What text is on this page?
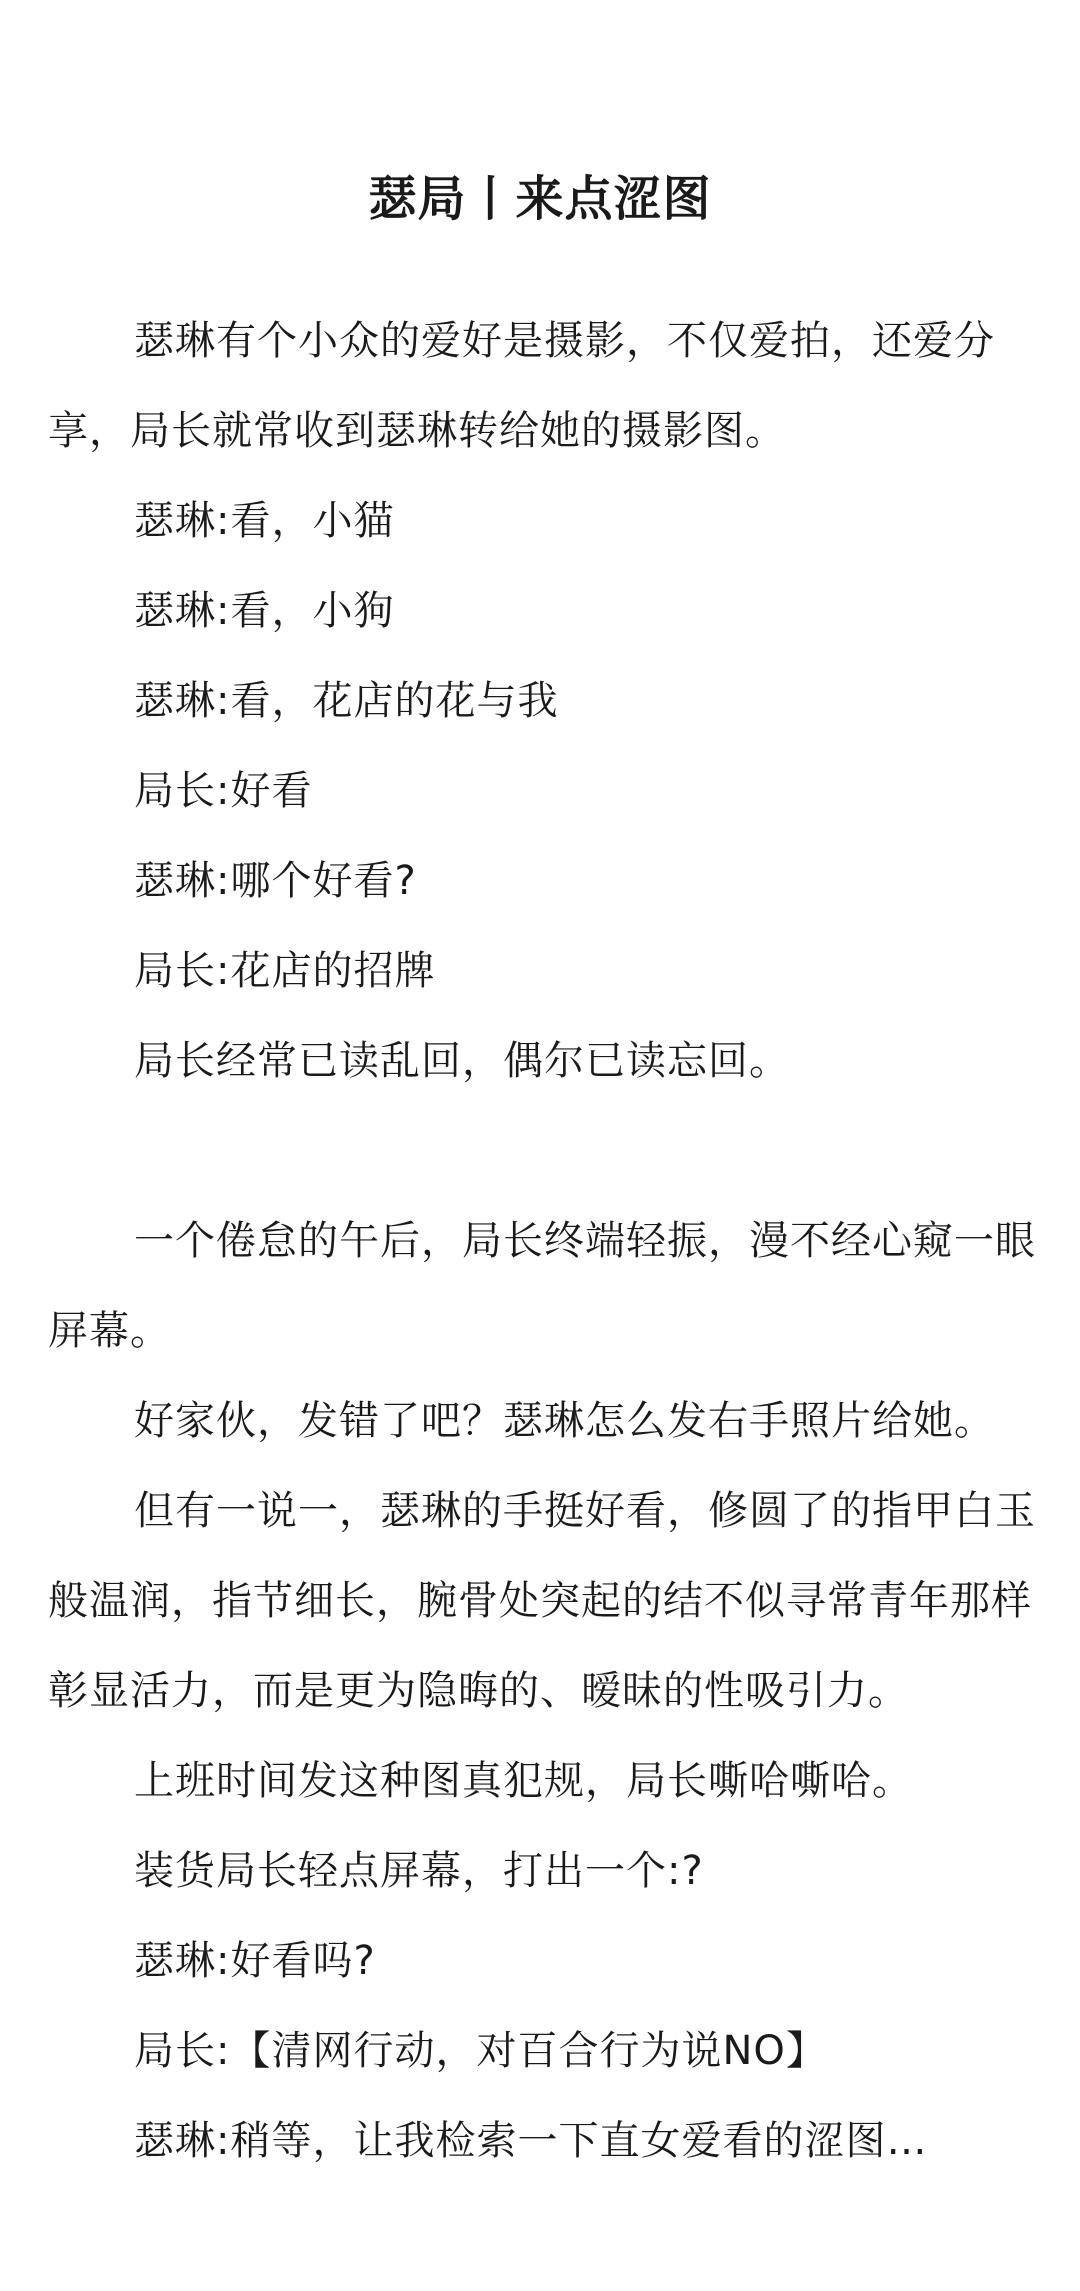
瑟局丨来点涩图

瑟琳有个小众的爱好是摄影，不仅爱拍，还爱分享，局长就常收到瑟琳转给她的摄影图。

瑟琳:看，小猫

瑟琳:看，小狗

瑟琳:看，花店的花与我

局长:好看

瑟琳:哪个好看?

局长:花店的招牌

局长经常已读乱回，偶尔已读忘回。

一个倦怠的午后，局长终端轻振，漫不经心窥一眼屏幕。

好家伙，发错了吧？瑟琳怎么发右手照片给她。

但有一说一，瑟琳的手挺好看，修圆了的指甲白玉般温润，指节细长，腕骨处突起的结不似寻常青年那样彰显活力，而是更为隐晦的、暧昧的性吸引力。

上班时间发这种图真犯规，局长嘶哈嘶哈。

装货局长轻点屏幕，打出一个:?

瑟琳:好看吗?

局长:【清网行动，对百合行为说NO】

瑟琳:稍等，让我检索一下直女爱看的涩图…
